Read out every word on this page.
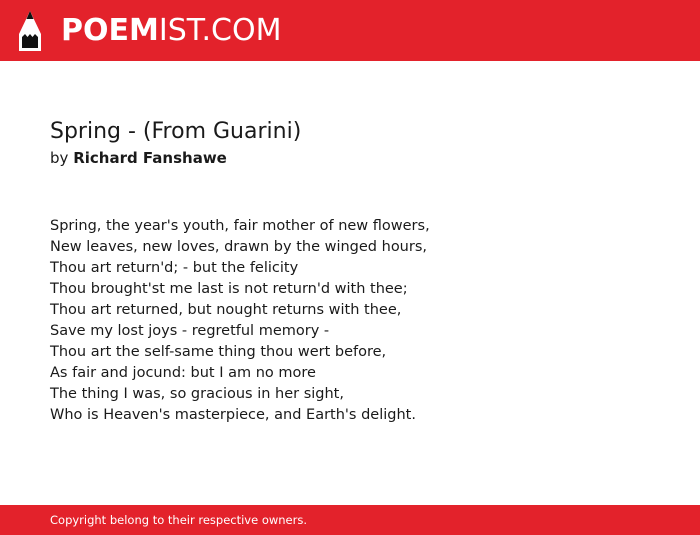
POEMIST.COM
Spring - (From Guarini)
by Richard Fanshawe
Spring, the year's youth, fair mother of new flowers,
New leaves, new loves, drawn by the winged hours,
Thou art return'd; - but the felicity
Thou brought'st me last is not return'd with thee;
Thou art returned, but nought returns with thee,
Save my lost joys - regretful memory -
Thou art the self-same thing thou wert before,
As fair and jocund: but I am no more
The thing I was, so gracious in her sight,
Who is Heaven's masterpiece, and Earth's delight.
Copyright belong to their respective owners.
